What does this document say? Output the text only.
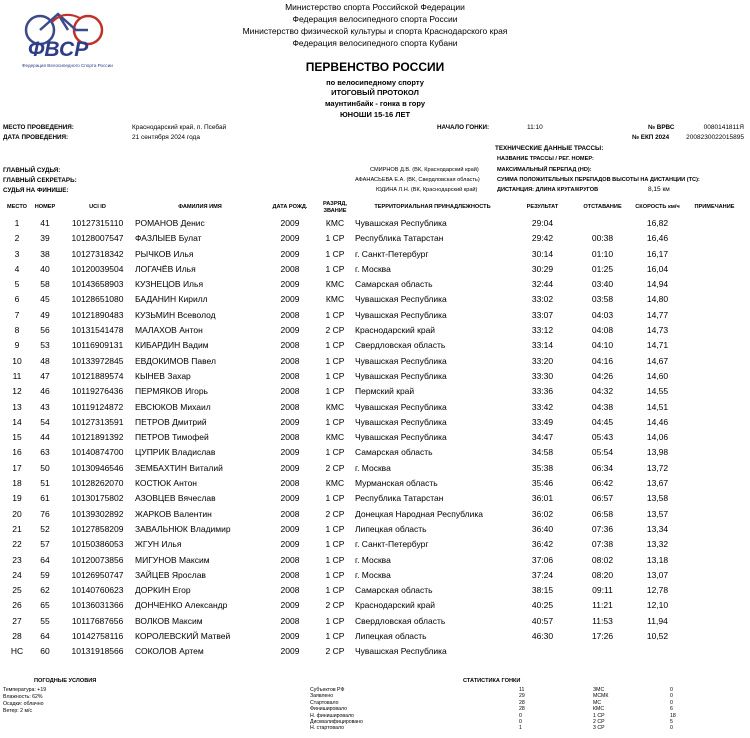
ФВСР
Федерация Велосипедного Спорта России
Министерство спорта Российской Федерации
Федерация велосипедного спорта России
Министерство физической культуры и спорта Краснодарского края
Федерация велосипедного спорта Кубани
ПЕРВЕНСТВО РОССИИ
по велосипедному спорту
ИТОГОВЫЙ ПРОТОКОЛ
маунтинбайк - гонка в гору
ЮНОШИ 15-16 ЛЕТ
МЕСТО ПРОВЕДЕНИЯ:	Краснодарский край, п. Псебай
ДАТА ПРОВЕДЕНИЯ:	21 сентября 2024 года
НАЧАЛО ГОНКИ:	11:10	№ ВРВС	0080141811Я
№ ЕКП 2024	2008230022015895
ТЕХНИЧЕСКИЕ ДАННЫЕ ТРАССЫ:
НАЗВАНИЕ ТРАССЫ / РЕГ. НОМЕР:
МАКСИМАЛЬНЫЙ ПЕРЕПАД (HD):
СУММА ПОЛОЖИТЕЛЬНЫХ ПЕРЕПАДОВ ВЫСОТЫ НА ДИСТАНЦИИ (ТС):
ДИСТАНЦИЯ: ДЛИНА КРУГА/КРУГОВ	8,15 км
ГЛАВНЫЙ СУДЬЯ:	СМИРНОВ Д.В. (ВК, Краснодарский край)
ГЛАВНЫЙ СЕКРЕТАРЬ:	АФАНАСЬЕВА Е.А. (ВК, Свердловская область)
СУДЬЯ НА ФИНИШЕ:	ЮДИНА Л.Н. (ВК, Краснодарский край)
МЕСТО	НОМЕР	UCI ID	ФАМИЛИЯ ИМЯ	ДАТА РОЖД.	РАЗРЯД, ЗВАНИЕ	ТЕРРИТОРИАЛЬНАЯ ПРИНАДЛЕЖНОСТЬ	РЕЗУЛЬТАТ	ОТСТАВАНИЕ	СКОРОСТЬ км/ч	ПРИМЕЧАНИЕ
1	41	10127315110	РОМАНОВ Денис	2009	КМС	Чувашская Республика	29:04		16,82	
2	39	10128007547	ФАЗЛЫЕВ Булат	2009	1 СР	Республика Татарстан	29:42	00:38	16,46	
3	38	10127318342	РЫЧКОВ Илья	2009	1 СР	г. Санкт-Петербург	30:14	01:10	16,17	
4	40	10120039504	ЛОГАЧЁВ Илья	2008	1 СР	г. Москва	30:29	01:25	16,04	
5	58	10143658903	КУЗНЕЦОВ Илья	2009	КМС	Самарская область	32:44	03:40	14,94	
6	45	10128651080	БАДАНИН Кирилл	2009	КМС	Чувашская Республика	33:02	03:58	14,80	
7	49	10121890483	КУЗЬМИН Всеволод	2008	1 СР	Чувашская Республика	33:07	04:03	14,77	
8	56	10131541478	МАЛАХОВ Антон	2009	2 СР	Краснодарский край	33:12	04:08	14,73	
9	53	10116909131	КИБАРДИН Вадим	2008	1 СР	Свердловская область	33:14	04:10	14,71	
10	48	10133972845	ЕВДОКИМОВ Павел	2008	1 СР	Чувашская Республика	33:20	04:16	14,67	
11	47	10121889574	КЫНЕВ Захар	2008	1 СР	Чувашская Республика	33:30	04:26	14,60	
12	46	10119276436	ПЕРМЯКОВ Игорь	2008	1 СР	Пермский край	33:36	04:32	14,55	
13	43	10119124872	ЕВСЮКОВ Михаил	2008	КМС	Чувашская Республика	33:42	04:38	14,51	
14	54	10127313591	ПЕТРОВ Дмитрий	2009	1 СР	Чувашская Республика	33:49	04:45	14,46	
15	44	10121891392	ПЕТРОВ Тимофей	2008	КМС	Чувашская Республика	34:47	05:43	14,06	
16	63	10140874700	ЦУПРИК Владислав	2009	1 СР	Самарская область	34:58	05:54	13,98	
17	50	10130946546	ЗЕМБАХТИН Виталий	2009	2 СР	г. Москва	35:38	06:34	13,72	
18	51	10128262070	КОСТЮК Антон	2008	КМС	Мурманская область	35:46	06:42	13,67	
19	61	10130175802	АЗОВЦЕВ Вячеслав	2009	1 СР	Республика Татарстан	36:01	06:57	13,58	
20	76	10139302892	ЖАРКОВ Валентин	2008	2 СР	Донецкая Народная Республика	36:02	06:58	13,57	
21	52	10127858209	ЗАВАЛЬНЮК Владимир	2009	1 СР	Липецкая область	36:40	07:36	13,34	
22	57	10150386053	ЖГУН Илья	2009	1 СР	г. Санкт-Петербург	36:42	07:38	13,32	
23	64	10120073856	МИГУНОВ Максим	2008	1 СР	г. Москва	37:06	08:02	13,18	
24	59	10126950747	ЗАЙЦЕВ Ярослав	2008	1 СР	г. Москва	37:24	08:20	13,07	
25	62	10140760623	ДОРКИН Егор	2008	1 СР	Самарская область	38:15	09:11	12,78	
26	65	10136031366	ДОНЧЕНКО Александр	2009	2 СР	Краснодарский край	40:25	11:21	12,10	
27	55	10117687656	ВОЛКОВ Максим	2008	1 СР	Свердловская область	40:57	11:53	11,94	
28	64	10142758116	КОРОЛЕВСКИЙ Матвей	2009	1 СР	Липецкая область	46:30	17:26	10,52	
НС	60	10131918566	СОКОЛОВ Артем	2009	2 СР	Чувашская Республика				
ПОГОДНЫЕ УСЛОВИЯ
Температура: +19
Влажность: 62%
Осадки: облачно
Ветер: 2 м/с
СТАТИСТИКА ГОНКИ
Субъектов РФ	11
Заявлено	29
Стартовало	28
Финишировало	28
Н. финишировало	0
Дисквалифицировано	0
Н. стартовало	1
ЗМС	0
МСМК	0
МС	0
КМС	6
1 СР	18
2 СР	5
3 СР	0
